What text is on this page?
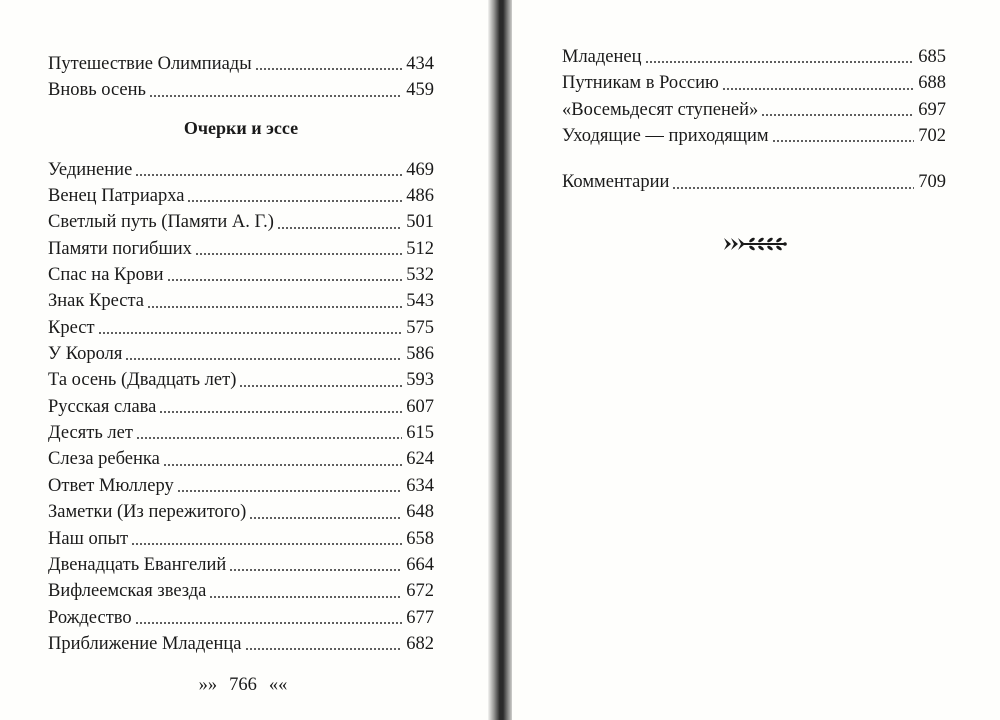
Путешествие Олимпиады	434
Вновь осень	459
Очерки и эссе
Уединение	469
Венец Патриарха	486
Светлый путь (Памяти А. Г.)	501
Памяти погибших	512
Спас на Крови	532
Знак Креста	543
Крест	575
У Короля	586
Та осень (Двадцать лет)	593
Русская слава	607
Десять лет	615
Слеза ребенка	624
Ответ Мюллеру	634
Заметки (Из пережитого)	648
Наш опыт	658
Двенадцать Евангелий	664
Вифлеемская звезда	672
Рождество	677
Приближение Младенца	682
»» 766 ««
Младенец	685
Путникам в Россию	688
«Восемьдесят ступеней»	697
Уходящие — приходящим	702
Комментарии	709
